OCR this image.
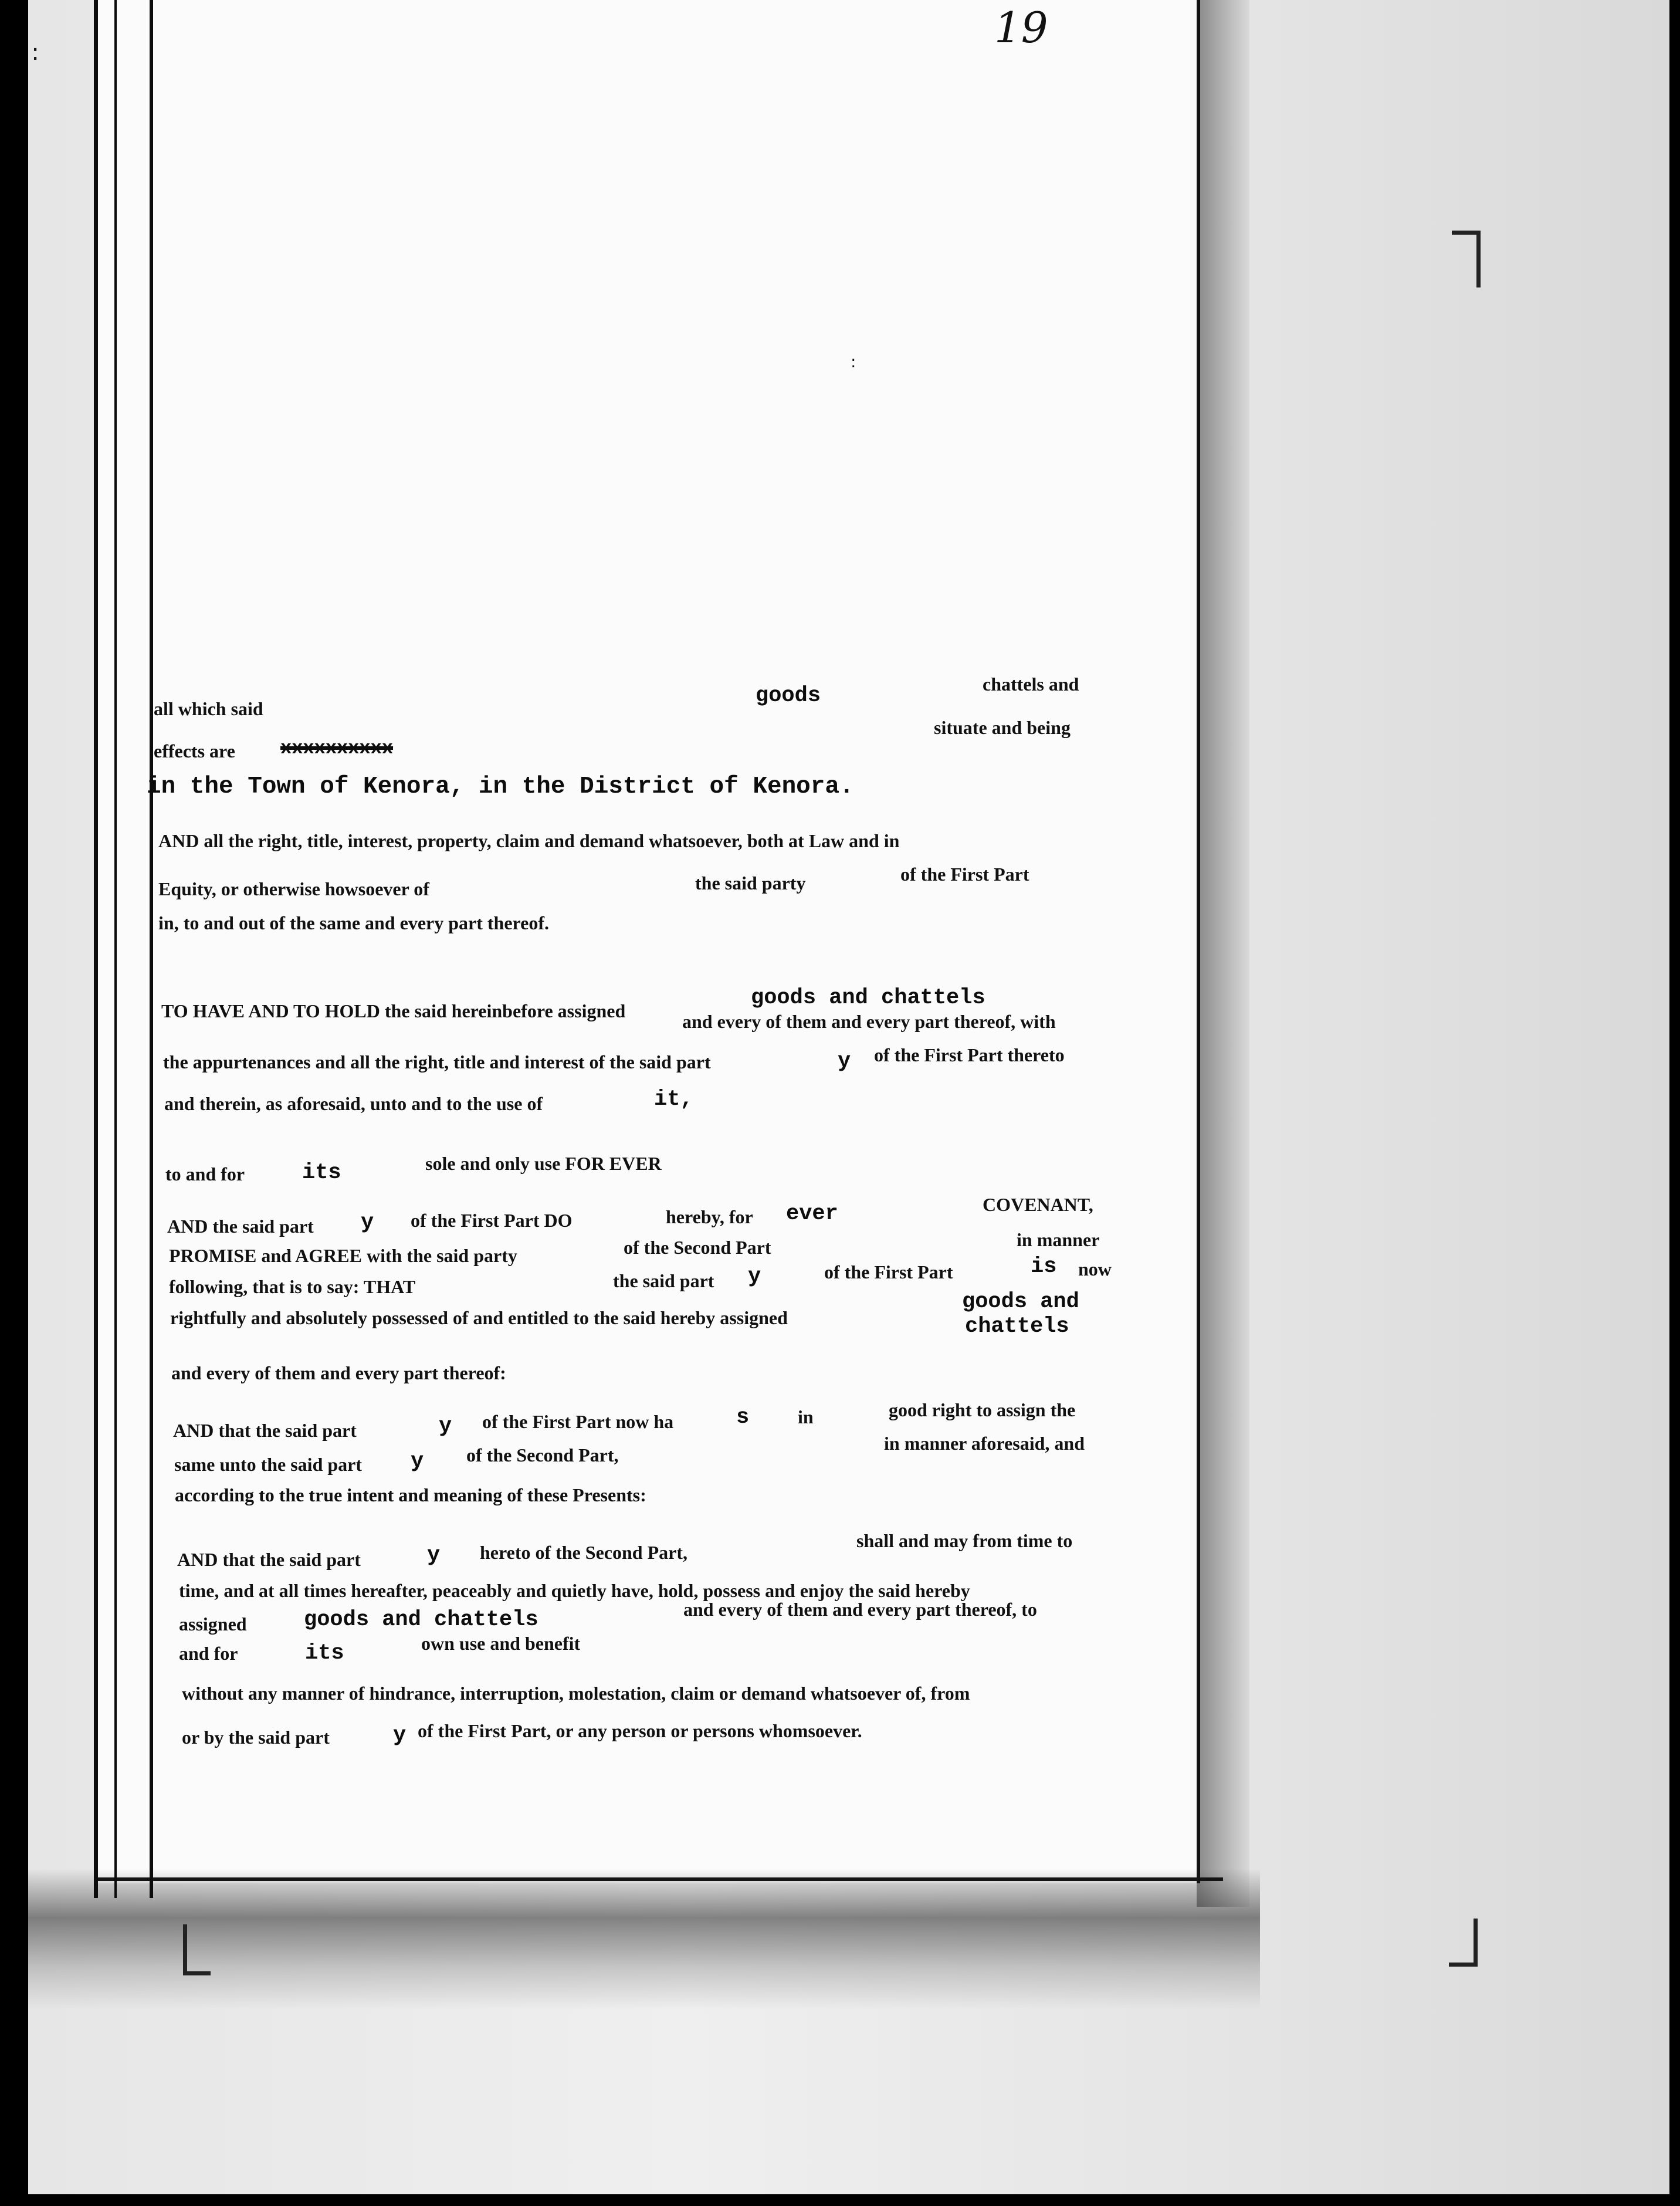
19
∶
:
all which said
goods	chattels and
effects are xxxxxxxxxx
situate and being
in the Town of Kenora, in the District of Kenora.
AND all the right, title, interest, property, claim and demand whatsoever, both at Law and in
Equity, or otherwise howsoever of	the said party	of the First Part
in, to and out of the same and every part thereof.
TO HAVE AND TO HOLD the said hereinbefore assigned
goods and chattels
and every of them and every part thereof, with
the appurtenances and all the right, title and interest of the said part	y of the First Part thereto
and therein, as aforesaid, unto and to the use of	it,
to and for	its	sole and only use FOR EVER
AND the said part y of the First Part DO	hereby, for ever	COVENANT,
PROMISE and AGREE with the said party	of the Second Part	in manner
following, that is to say: THAT	the said part y	of the First Part	is now
rightfully and absolutely possessed of and entitled to the said hereby assigned
goods and
chattels
and every of them and every part thereof:
AND that the said part	y of the First Part now ha	s	in	good right to assign the
same unto the said part y of the Second Part,
in manner aforesaid, and
according to the true intent and meaning of these Presents:
AND that the said part	y hereto of the Second Part,
shall and may from time to
time, and at all times hereafter, peaceably and quietly have, hold, possess and enjoy the said hereby
assigned	goods and chattels	and every of them and every part thereof, to
and for	its	own use and benefit
without any manner of hindrance, interruption, molestation, claim or demand whatsoever of, from
or by the said part	y of the First Part, or any person or persons whomsoever.
